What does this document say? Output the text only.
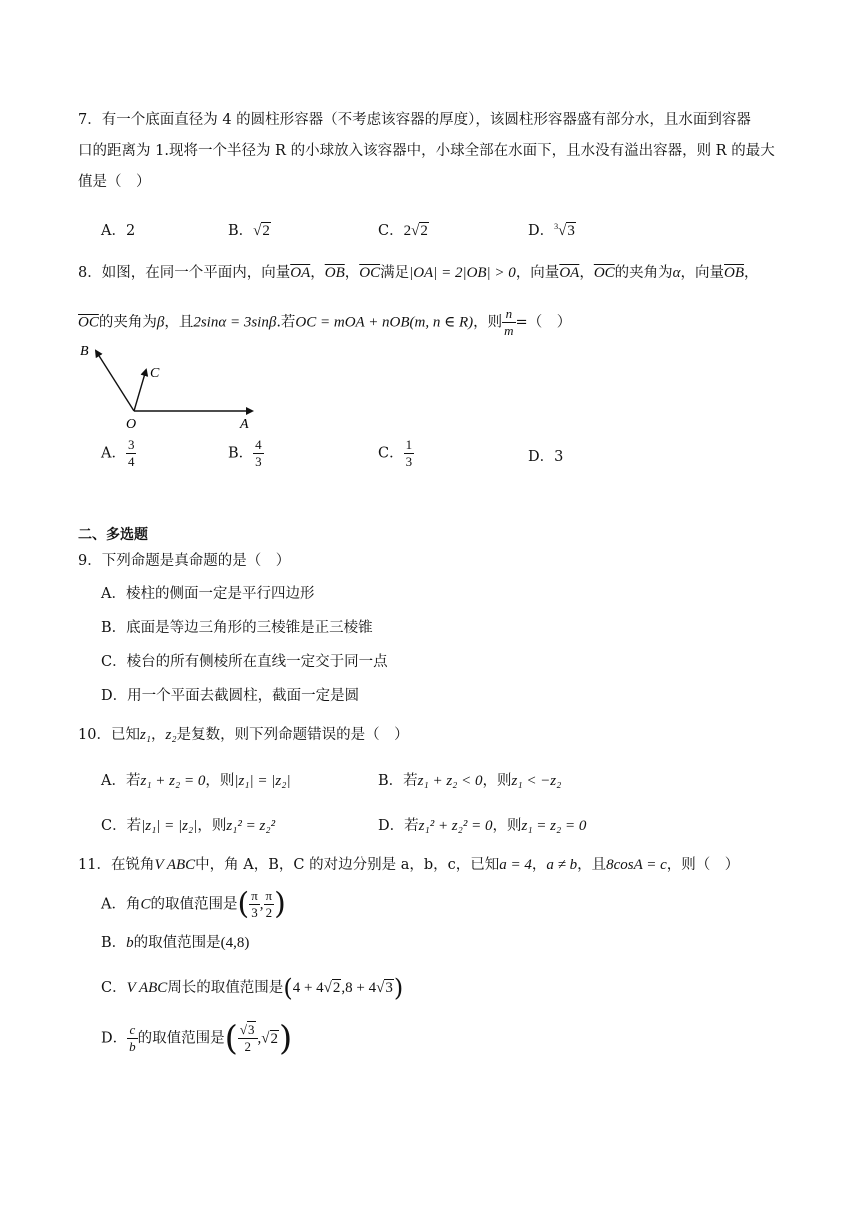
7．有一个底面直径为 4 的圆柱形容器（不考虑该容器的厚度），该圆柱形容器盛有部分水，且水面到容器
口的距离为 1.现将一个半径为 R 的小球放入该容器中，小球全部在水面下，且水没有溢出容器，则 R 的最大
值是（　）
A．2	B．√2	C．2√2	D．$^3$√3
8．如图，在同一个平面内，向量$\overline{OA}$，$\overline{OB}$，$\overline{OC}$满足|OA| = 2|OB| > 0，向量$\overline{OA}$，$\overline{OC}$的夹角为α，向量$\overline{OB}$，
$\overline{OC}$的夹角为β，且2sinα = 3sinβ.若OC = mOA + nOB(m, n ∈ R)，则 $\frac{n}{m}$ =（　）
B
C
O	A
A． $\frac{3}{4}$	B． $\frac{4}{3}$	C． $\frac{1}{3}$	D．3
二、多选题
9．下列命题是真命题的是（　）
A．棱柱的侧面一定是平行四边形
B．底面是等边三角形的三棱锥是正三棱锥
C．棱台的所有侧棱所在直线一定交于同一点
D．用一个平面去截圆柱，截面一定是圆
10．已知z₁，z₂是复数，则下列命题错误的是（　）
A．若z₁ + z₂ = 0，则|z₁| = |z₂|	B．若z₁ + z₂ < 0，则z₁ < −z₂
C．若|z₁| = |z₂|，则z₁² = z₂²	D．若z₁² + z₂² = 0，则z₁ = z₂ = 0
11．在锐角V ABC中，角 A，B，C 的对边分别是 a，b，c，已知a = 4，a ≠ b，且8cosA = c，则（　）
A．角C的取值范围是( $\frac{\pi}{3}$ , $\frac{\pi}{2}$ )
B．b的取值范围是(4,8)
C．V ABC周长的取值范围是(4 + 4√2,8 + 4√3)
D． $\frac{c}{b}$ 的取值范围是( $\frac{√3}{2} ,√2$)
